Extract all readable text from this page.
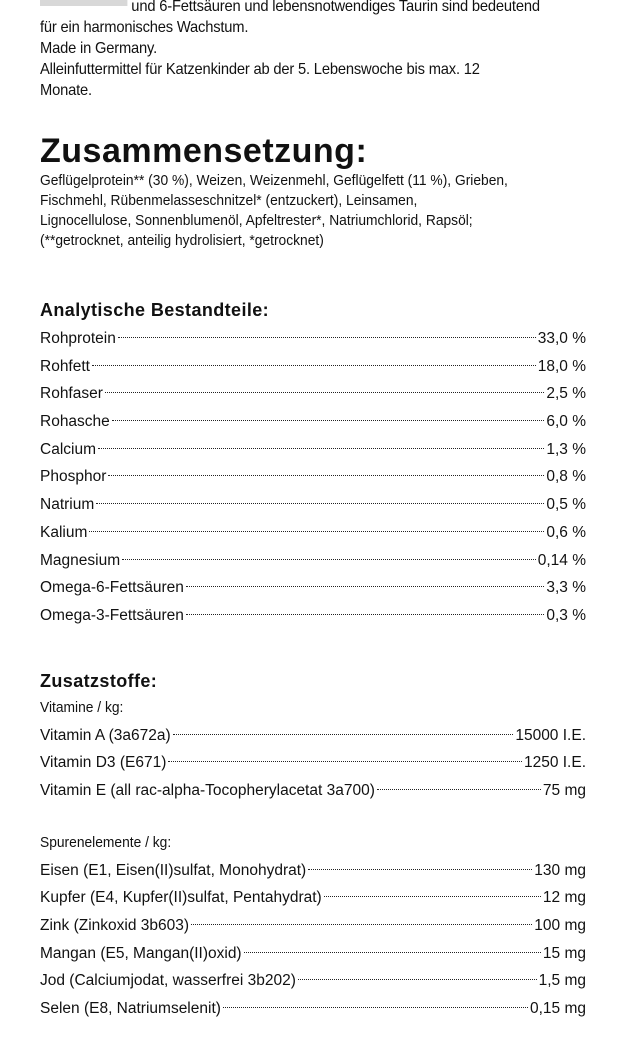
und 6-Fettsäuren und lebensnotwendiges Taurin sind bedeutend

für ein harmonisches Wachstum.

Made in Germany.

Alleinfuttermittel für Katzenkinder ab der 5. Lebenswoche bis max. 12

Monate.

Zusammensetzung:
Geflügelprotein** (30 %), Weizen, Weizenmehl, Geflügelfett (11 %), Grieben,
Fischmehl, Rübenmelasseschnitzel* (entzuckert), Leinsamen,
Lignocellulose, Sonnenblumenöl, Apfeltrester*, Natriumchlorid, Rapsöl;
(**getrocknet, anteilig hydrolisiert, *getrocknet)
Analytische Bestandteile:
Rohprotein	33,0 %
Rohfett	18,0 %
Rohfaser	2,5 %
Rohasche	6,0 %
Calcium	1,3 %
Phosphor	0,8 %
Natrium	0,5 %
Kalium	0,6 %
Magnesium	0,14 %
Omega-6-Fettsäuren	3,3 %
Omega-3-Fettsäuren	0,3 %
Zusatzstoffe:
Vitamine / kg:
Vitamin A (3a672a)	15000 I.E.
Vitamin D3 (E671)	1250 I.E.
Vitamin E (all rac-alpha-Tocopherylacetat 3a700)	75 mg
Spurenelemente / kg:
Eisen (E1, Eisen(II)sulfat, Monohydrat)	130 mg
Kupfer (E4, Kupfer(II)sulfat, Pentahydrat)	12 mg
Zink (Zinkoxid 3b603)	100 mg
Mangan (E5, Mangan(II)oxid)	15 mg
Jod (Calciumjodat, wasserfrei 3b202)	1,5 mg
Selen (E8, Natriumselenit)	0,15 mg
